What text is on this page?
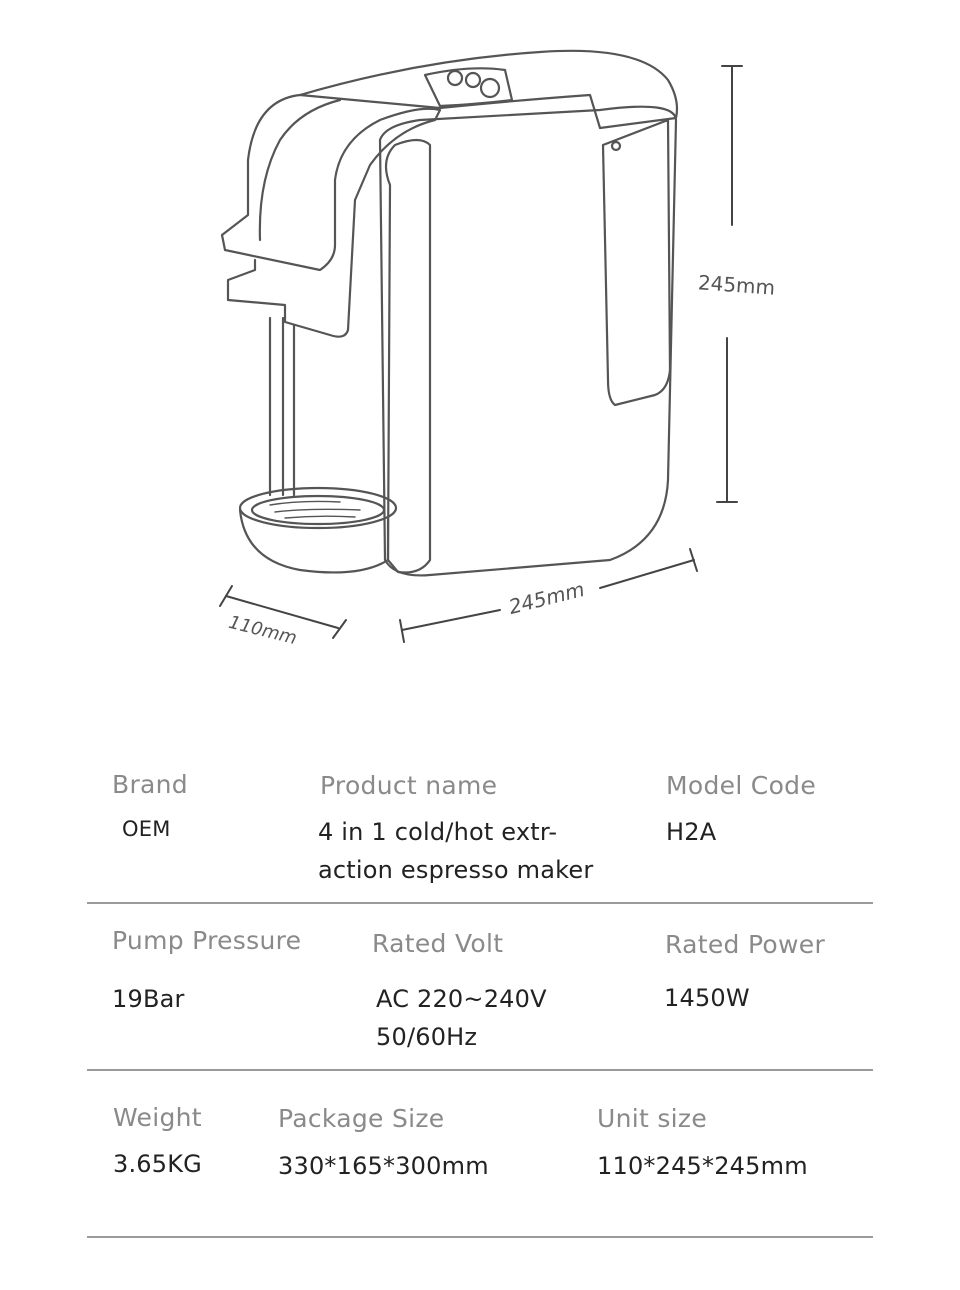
245mm
245mm
110mm
Brand
OEM
Product name
4 in 1 cold/hot extr-
action espresso maker
Model Code
H2A
Pump Pressure
19Bar
Rated Volt
AC 220~240V
50/60Hz
Rated Power
1450W
Weight
3.65KG
Package Size
330*165*300mm
Unit size
110*245*245mm
